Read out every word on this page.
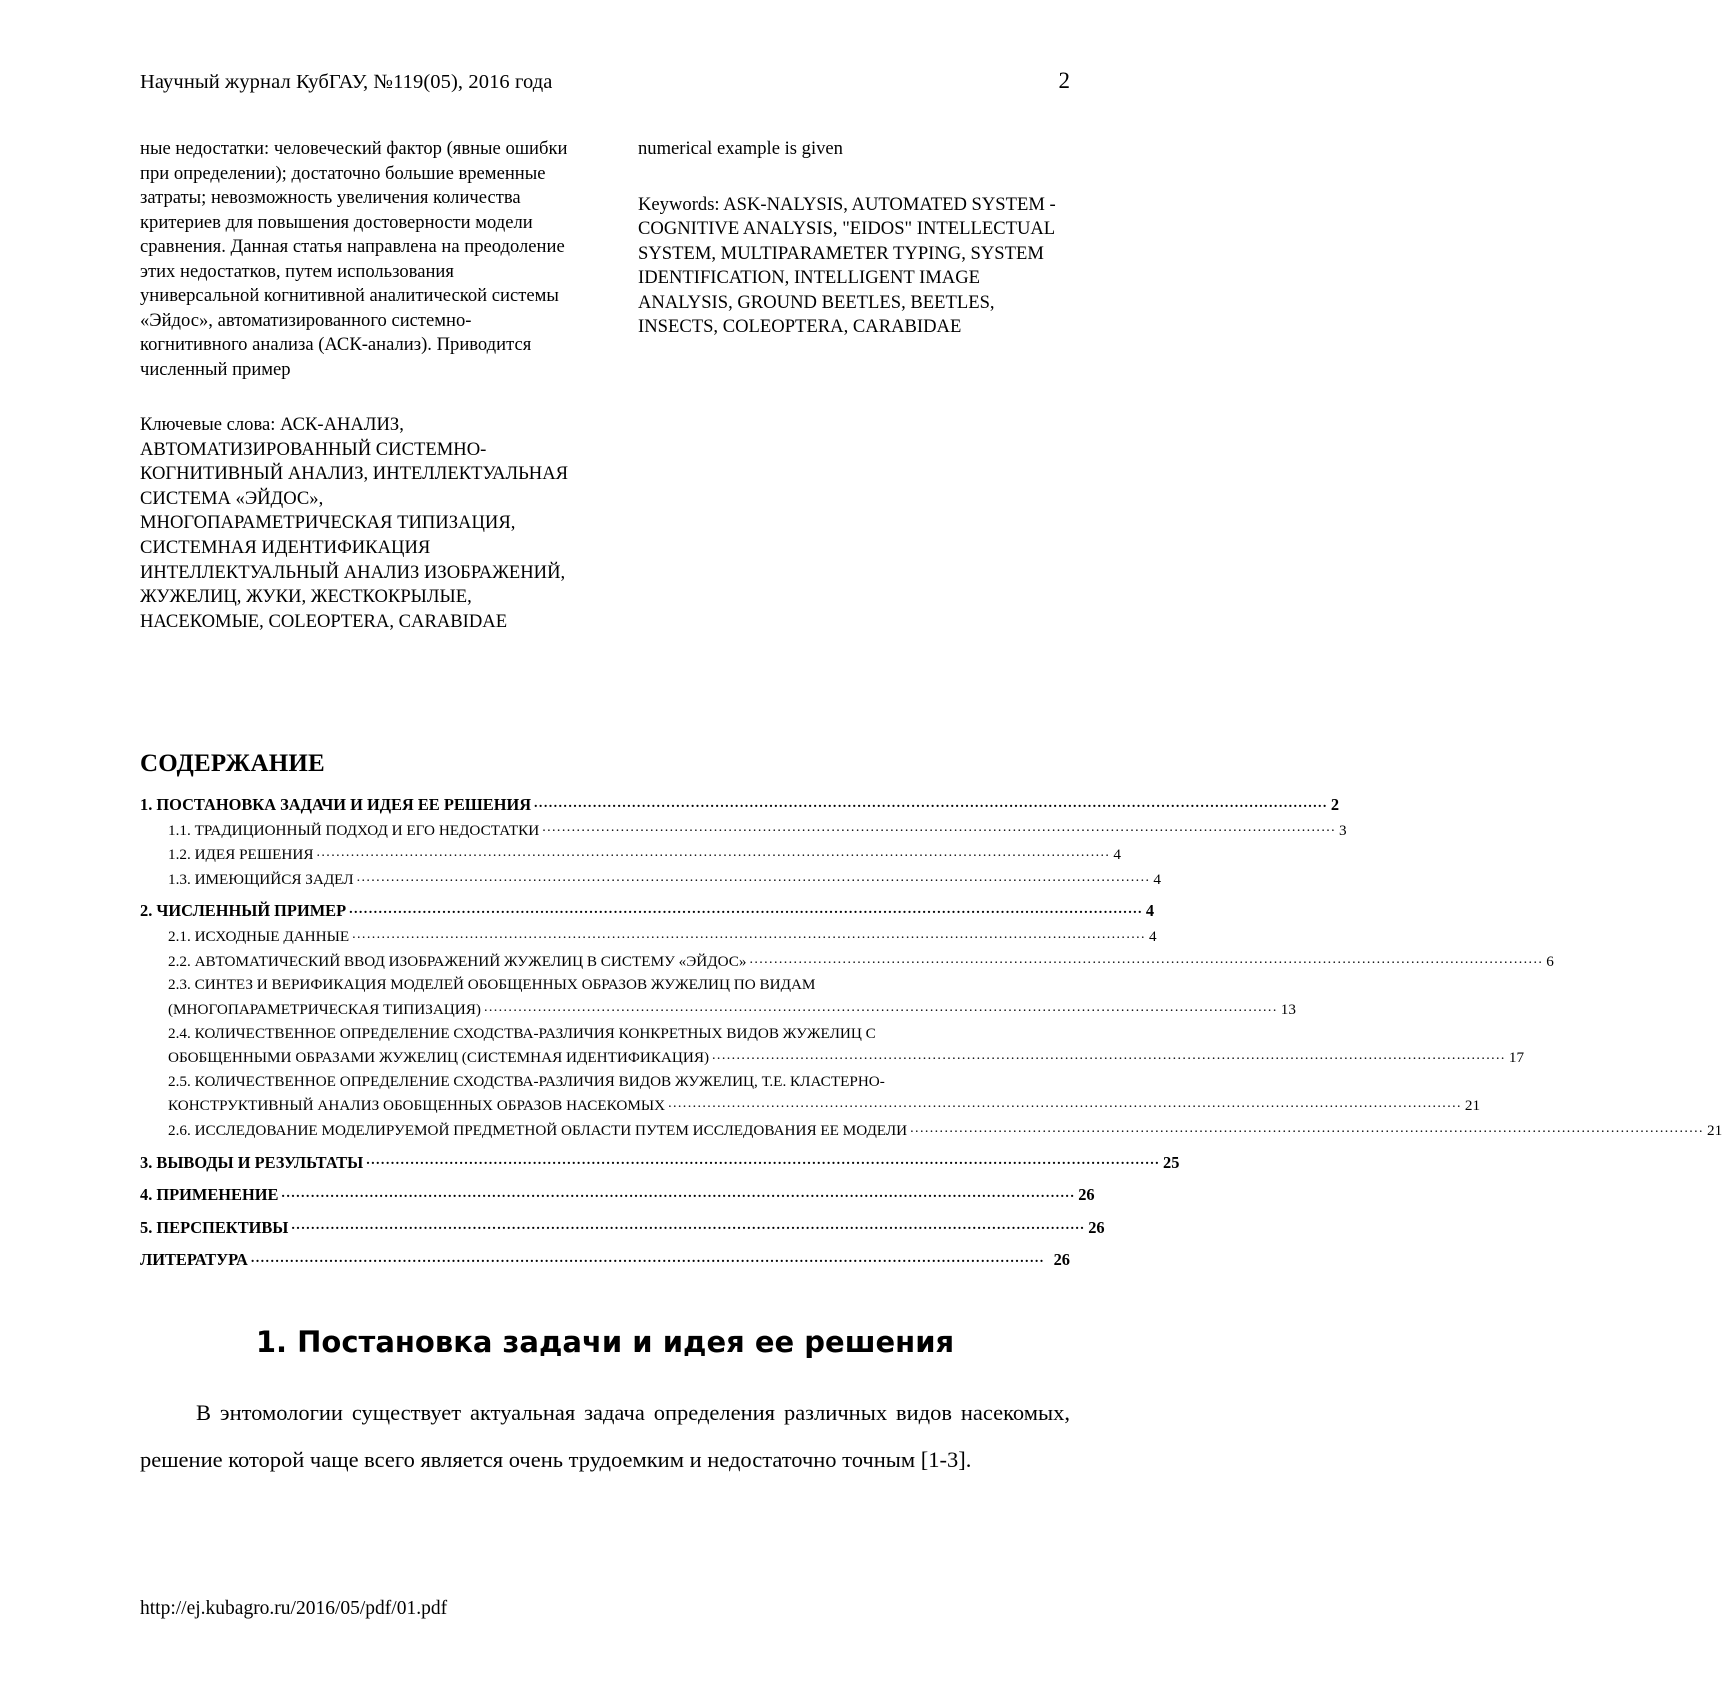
Научный журнал КубГАУ, №119(05), 2016 года	2

ные недостатки: человеческий фактор (явные ошибки при определении); достаточно большие временные затраты; невозможность увеличения количества критериев для повышения достоверности модели сравнения. Данная статья направлена на преодоление этих недостатков, путем использования универсальной когнитивной аналитической системы «Эйдос», автоматизированного системно-когнитивного анализа (АСК-анализ). Приводится численный пример

Ключевые слова: АСК-АНАЛИЗ, АВТОМАТИЗИРОВАННЫЙ СИСТЕМНО-КОГНИТИВНЫЙ АНАЛИЗ, ИНТЕЛЛЕКТУАЛЬНАЯ СИСТЕМА «ЭЙДОС», МНОГОПАРАМЕТРИЧЕСКАЯ ТИПИЗАЦИЯ, СИСТЕМНАЯ ИДЕНТИФИКАЦИЯ ИНТЕЛЛЕКТУАЛЬНЫЙ АНАЛИЗ ИЗОБРАЖЕНИЙ, ЖУЖЕЛИЦ, ЖУКИ, ЖЕСТКОКРЫЛЫЕ, НАСЕКОМЫЕ, COLEOPTERA, CARABIDAE

numerical example is given

Keywords: ASK-NALYSIS, AUTOMATED SYSTEM - COGNITIVE ANALYSIS, "EIDOS" INTELLECTUAL SYSTEM, MULTIPARAMETER TYPING, SYSTEM IDENTIFICATION, INTELLIGENT IMAGE ANALYSIS, GROUND BEETLES, BEETLES, INSECTS, COLEOPTERA, CARABIDAE

СОДЕРЖАНИЕ
1. ПОСТАНОВКА ЗАДАЧИ И ИДЕЯ ЕЕ РЕШЕНИЯ .................................................................................................................................................................. 2
1.1. ТРАДИЦИОННЫЙ ПОДХОД И ЕГО НЕДОСТАТКИ .................................................................................................................................................................. 3
1.2. ИДЕЯ РЕШЕНИЯ .................................................................................................................................................................. 4
1.3. ИМЕЮЩИЙСЯ ЗАДЕЛ .................................................................................................................................................................. 4
2. ЧИСЛЕННЫЙ ПРИМЕР .................................................................................................................................................................. 4
2.1. ИСХОДНЫЕ ДАННЫЕ .................................................................................................................................................................. 4
2.2. АВТОМАТИЧЕСКИЙ ВВОД ИЗОБРАЖЕНИЙ ЖУЖЕЛИЦ В СИСТЕМУ «ЭЙДОС» .................................................................................................................................................................. 6
2.3. СИНТЕЗ И ВЕРИФИКАЦИЯ МОДЕЛЕЙ ОБОБЩЕННЫХ ОБРАЗОВ ЖУЖЕЛИЦ ПО ВИДАМ
(МНОГОПАРАМЕТРИЧЕСКАЯ ТИПИЗАЦИЯ) .................................................................................................................................................................. 13
2.4. КОЛИЧЕСТВЕННОЕ ОПРЕДЕЛЕНИЕ СХОДСТВА-РАЗЛИЧИЯ КОНКРЕТНЫХ ВИДОВ ЖУЖЕЛИЦ С
ОБОБЩЕННЫМИ ОБРАЗАМИ ЖУЖЕЛИЦ (СИСТЕМНАЯ ИДЕНТИФИКАЦИЯ) .................................................................................................................................................................. 17
2.5. КОЛИЧЕСТВЕННОЕ ОПРЕДЕЛЕНИЕ СХОДСТВА-РАЗЛИЧИЯ ВИДОВ ЖУЖЕЛИЦ, Т.Е. КЛАСТЕРНО-
КОНСТРУКТИВНЫЙ АНАЛИЗ ОБОБЩЕННЫХ ОБРАЗОВ НАСЕКОМЫХ .................................................................................................................................................................. 21
2.6. ИССЛЕДОВАНИЕ МОДЕЛИРУЕМОЙ ПРЕДМЕТНОЙ ОБЛАСТИ ПУТЕМ ИССЛЕДОВАНИЯ ЕЕ МОДЕЛИ .................................................................................................................................................................. 21
3. ВЫВОДЫ И РЕЗУЛЬТАТЫ .................................................................................................................................................................. 25
4. ПРИМЕНЕНИЕ .................................................................................................................................................................. 26
5. ПЕРСПЕКТИВЫ .................................................................................................................................................................. 26
ЛИТЕРАТУРА .................................................................................................................................................................. 26
1. Постановка задачи и идея ее решения
В энтомологии существует актуальная задача определения различных видов насекомых, решение которой чаще всего является очень трудоемким и недостаточно точным [1-3].
http://ej.kubagro.ru/2016/05/pdf/01.pdf
